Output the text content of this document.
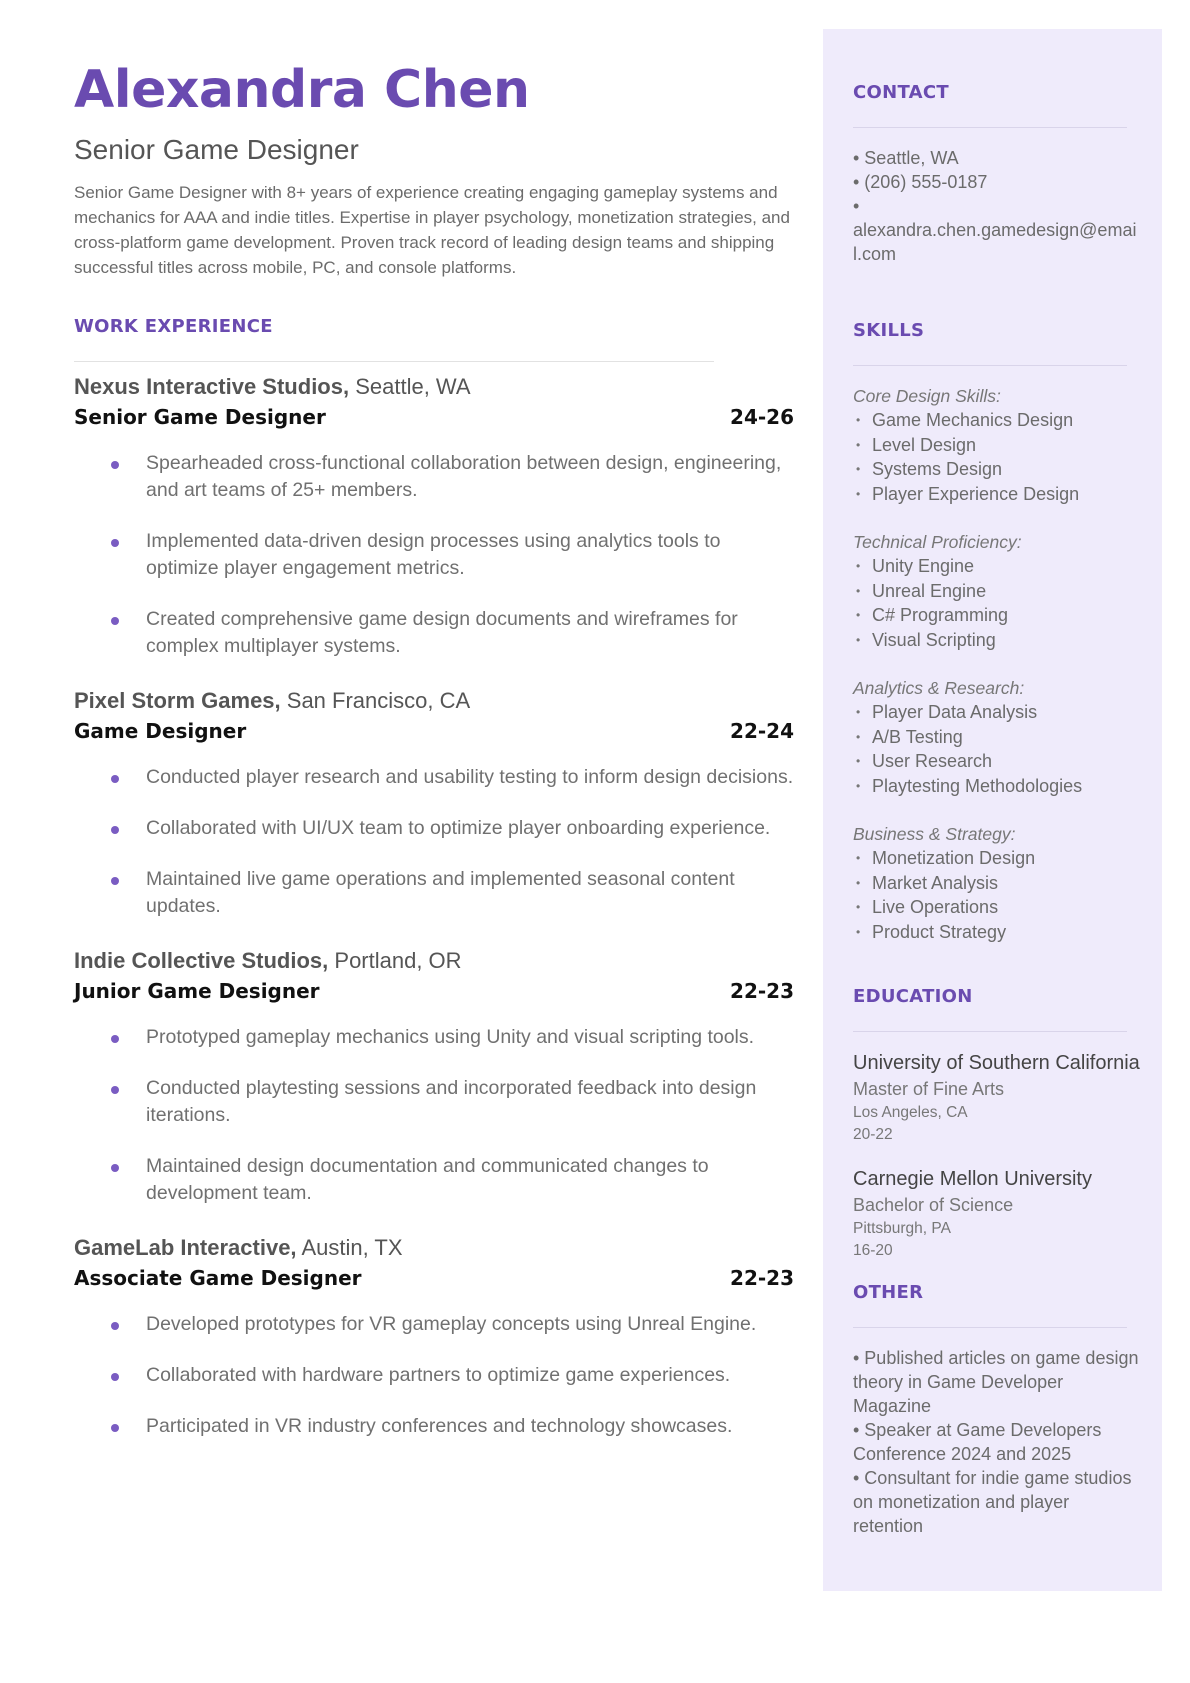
Alexandra Chen
Senior Game Designer
Senior Game Designer with 8+ years of experience creating engaging gameplay systems and mechanics for AAA and indie titles. Expertise in player psychology, monetization strategies, and cross-platform game development. Proven track record of leading design teams and shipping successful titles across mobile, PC, and console platforms.
WORK EXPERIENCE
Nexus Interactive Studios, Seattle, WA
Senior Game Designer	24-26
Spearheaded cross-functional collaboration between design, engineering, and art teams of 25+ members.
Implemented data-driven design processes using analytics tools to optimize player engagement metrics.
Created comprehensive game design documents and wireframes for complex multiplayer systems.
Pixel Storm Games, San Francisco, CA
Game Designer	22-24
Conducted player research and usability testing to inform design decisions.
Collaborated with UI/UX team to optimize player onboarding experience.
Maintained live game operations and implemented seasonal content updates.
Indie Collective Studios, Portland, OR
Junior Game Designer	22-23
Prototyped gameplay mechanics using Unity and visual scripting tools.
Conducted playtesting sessions and incorporated feedback into design iterations.
Maintained design documentation and communicated changes to development team.
GameLab Interactive, Austin, TX
Associate Game Designer	22-23
Developed prototypes for VR gameplay concepts using Unreal Engine.
Collaborated with hardware partners to optimize game experiences.
Participated in VR industry conferences and technology showcases.
CONTACT
• Seattle, WA
• (206) 555-0187
•
alexandra.chen.gamedesign@email.com
SKILLS
Core Design Skills:
• Game Mechanics Design
• Level Design
• Systems Design
• Player Experience Design
Technical Proficiency:
• Unity Engine
• Unreal Engine
• C# Programming
• Visual Scripting
Analytics & Research:
• Player Data Analysis
• A/B Testing
• User Research
• Playtesting Methodologies
Business & Strategy:
• Monetization Design
• Market Analysis
• Live Operations
• Product Strategy
EDUCATION
University of Southern California
Master of Fine Arts
Los Angeles, CA
20-22
Carnegie Mellon University
Bachelor of Science
Pittsburgh, PA
16-20
OTHER
• Published articles on game design theory in Game Developer Magazine
• Speaker at Game Developers Conference 2024 and 2025
• Consultant for indie game studios on monetization and player retention
